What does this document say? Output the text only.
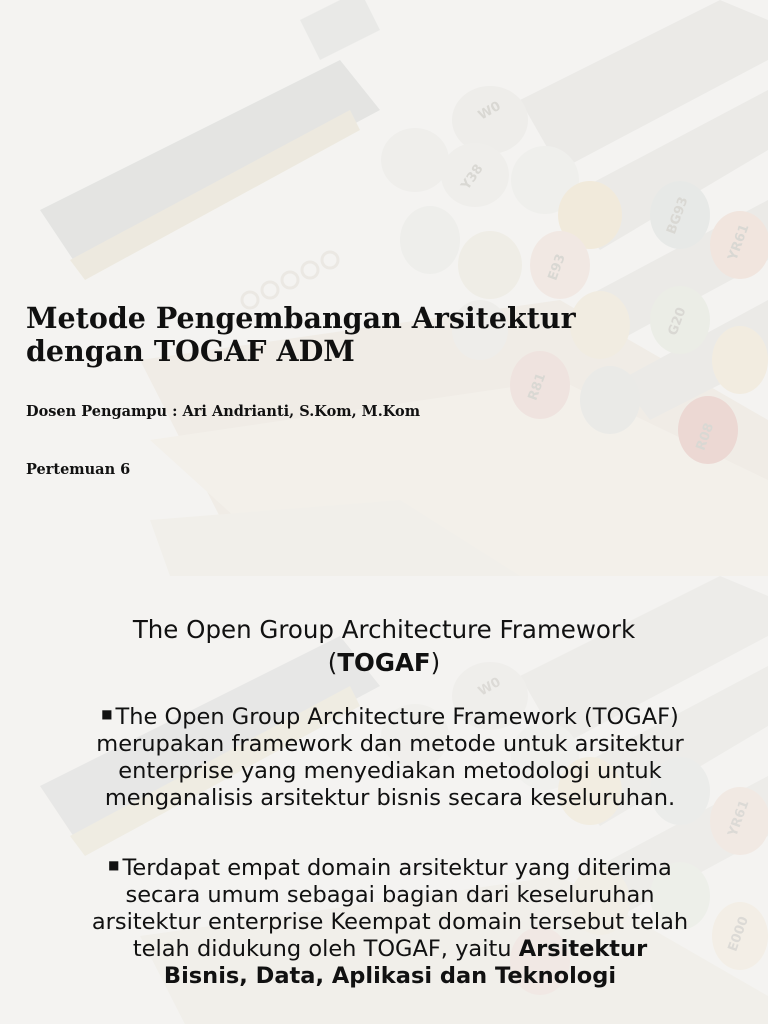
Metode Pengembangan Arsitektur
dengan TOGAF ADM
Dosen Pengampu : Ari Andrianti, S.Kom, M.Kom
Pertemuan 6
The Open Group Architecture Framework
(TOGAF)
■ The Open Group Architecture Framework (TOGAF)
merupakan framework dan metode untuk arsitektur
enterprise yang menyediakan metodologi untuk
menganalisis arsitektur bisnis secara keseluruhan.
■ Terdapat empat domain arsitektur yang diterima
secara umum sebagai bagian dari keseluruhan
arsitektur enterprise Keempat domain tersebut telah
telah didukung oleh TOGAF, yaitu Arsitektur
Bisnis, Data, Aplikasi dan Teknologi
